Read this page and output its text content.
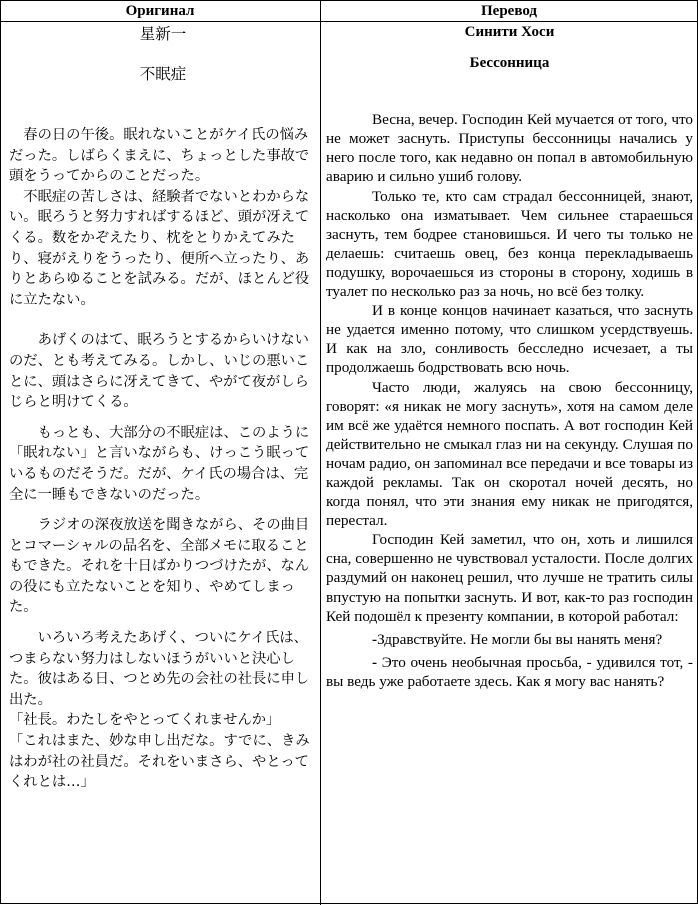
Оригинал	Перевод

星新一

不眠症

　春の日の午後。眠れないことがケイ氏の悩みだった。しばらくまえに、ちょっとした事故で頭をうってからのことだった。

　不眠症の苦しさは、経験者でないとわからない。眠ろうと努力すればするほど、頭が冴えてくる。数をかぞえたり、枕をとりかえてみたり、寝がえりをうったり、便所へ立ったり、ありとあらゆることを試みる。だが、ほとんど役に立たない。

　　あげくのはて、眠ろうとするからいけないのだ、とも考えてみる。しかし、いじの悪いことに、頭はさらに冴えてきて、やがて夜がしらじらと明けてくる。

　　もっとも、大部分の不眠症は、このように「眠れない」と言いながらも、けっこう眠っているものだそうだ。だが、ケイ氏の場合は、完全に一睡もできないのだった。

　　ラジオの深夜放送を聞きながら、その曲目とコマーシャルの品名を、全部メモに取ることもできた。それを十日ばかりつづけたが、なんの役にも立たないことを知り、やめてしまった。

　　いろいろ考えたあげく、ついにケイ氏は、つまらない努力はしないほうがいいと決心した。彼はある日、つとめ先の会社の社長に申し出た。

「社長。わたしをやとってくれませんか」

「これはまた、妙な申し出だな。すでに、きみはわが社の社員だ。それをいまさら、やとってくれとは…」

Синити Хоси

Бессонница

Весна, вечер. Господин Кей мучается от того, что не может заснуть. Приступы бессонницы начались у него после того, как недавно он попал в автомобильную аварию и сильно ушиб голову.

Только те, кто сам страдал бессонницей, знают, насколько она изматывает. Чем сильнее стараешься заснуть, тем бодрее становишься. И чего ты только не делаешь: считаешь овец, без конца перекладываешь подушку, ворочаешься из стороны в сторону, ходишь в туалет по несколько раз за ночь, но всё без толку.

И в конце концов начинает казаться, что заснуть не удается именно потому, что слишком усердствуешь. И как на зло, сонливость бесследно исчезает, а ты продолжаешь бодрствовать всю ночь.

Часто люди, жалуясь на свою бессонницу, говорят: «я никак не могу заснуть», хотя на самом деле им всё же удаётся немного поспать. А вот господин Кей действительно не смыкал глаз ни на секунду. Слушая по ночам радио, он запоминал все передачи и все товары из каждой рекламы. Так он скоротал ночей десять, но когда понял, что эти знания ему никак не пригодятся, перестал.

Господин Кей заметил, что он, хоть и лишился сна, совершенно не чувствовал усталости. После долгих раздумий он наконец решил, что лучше не тратить силы впустую на попытки заснуть. И вот, как-то раз господин Кей подошёл к презенту компании, в которой работал:

-Здравствуйте. Не могли бы вы нанять меня?

- Это очень необычная просьба, - удивился тот, - вы ведь уже работаете здесь. Как я могу вас нанять?
